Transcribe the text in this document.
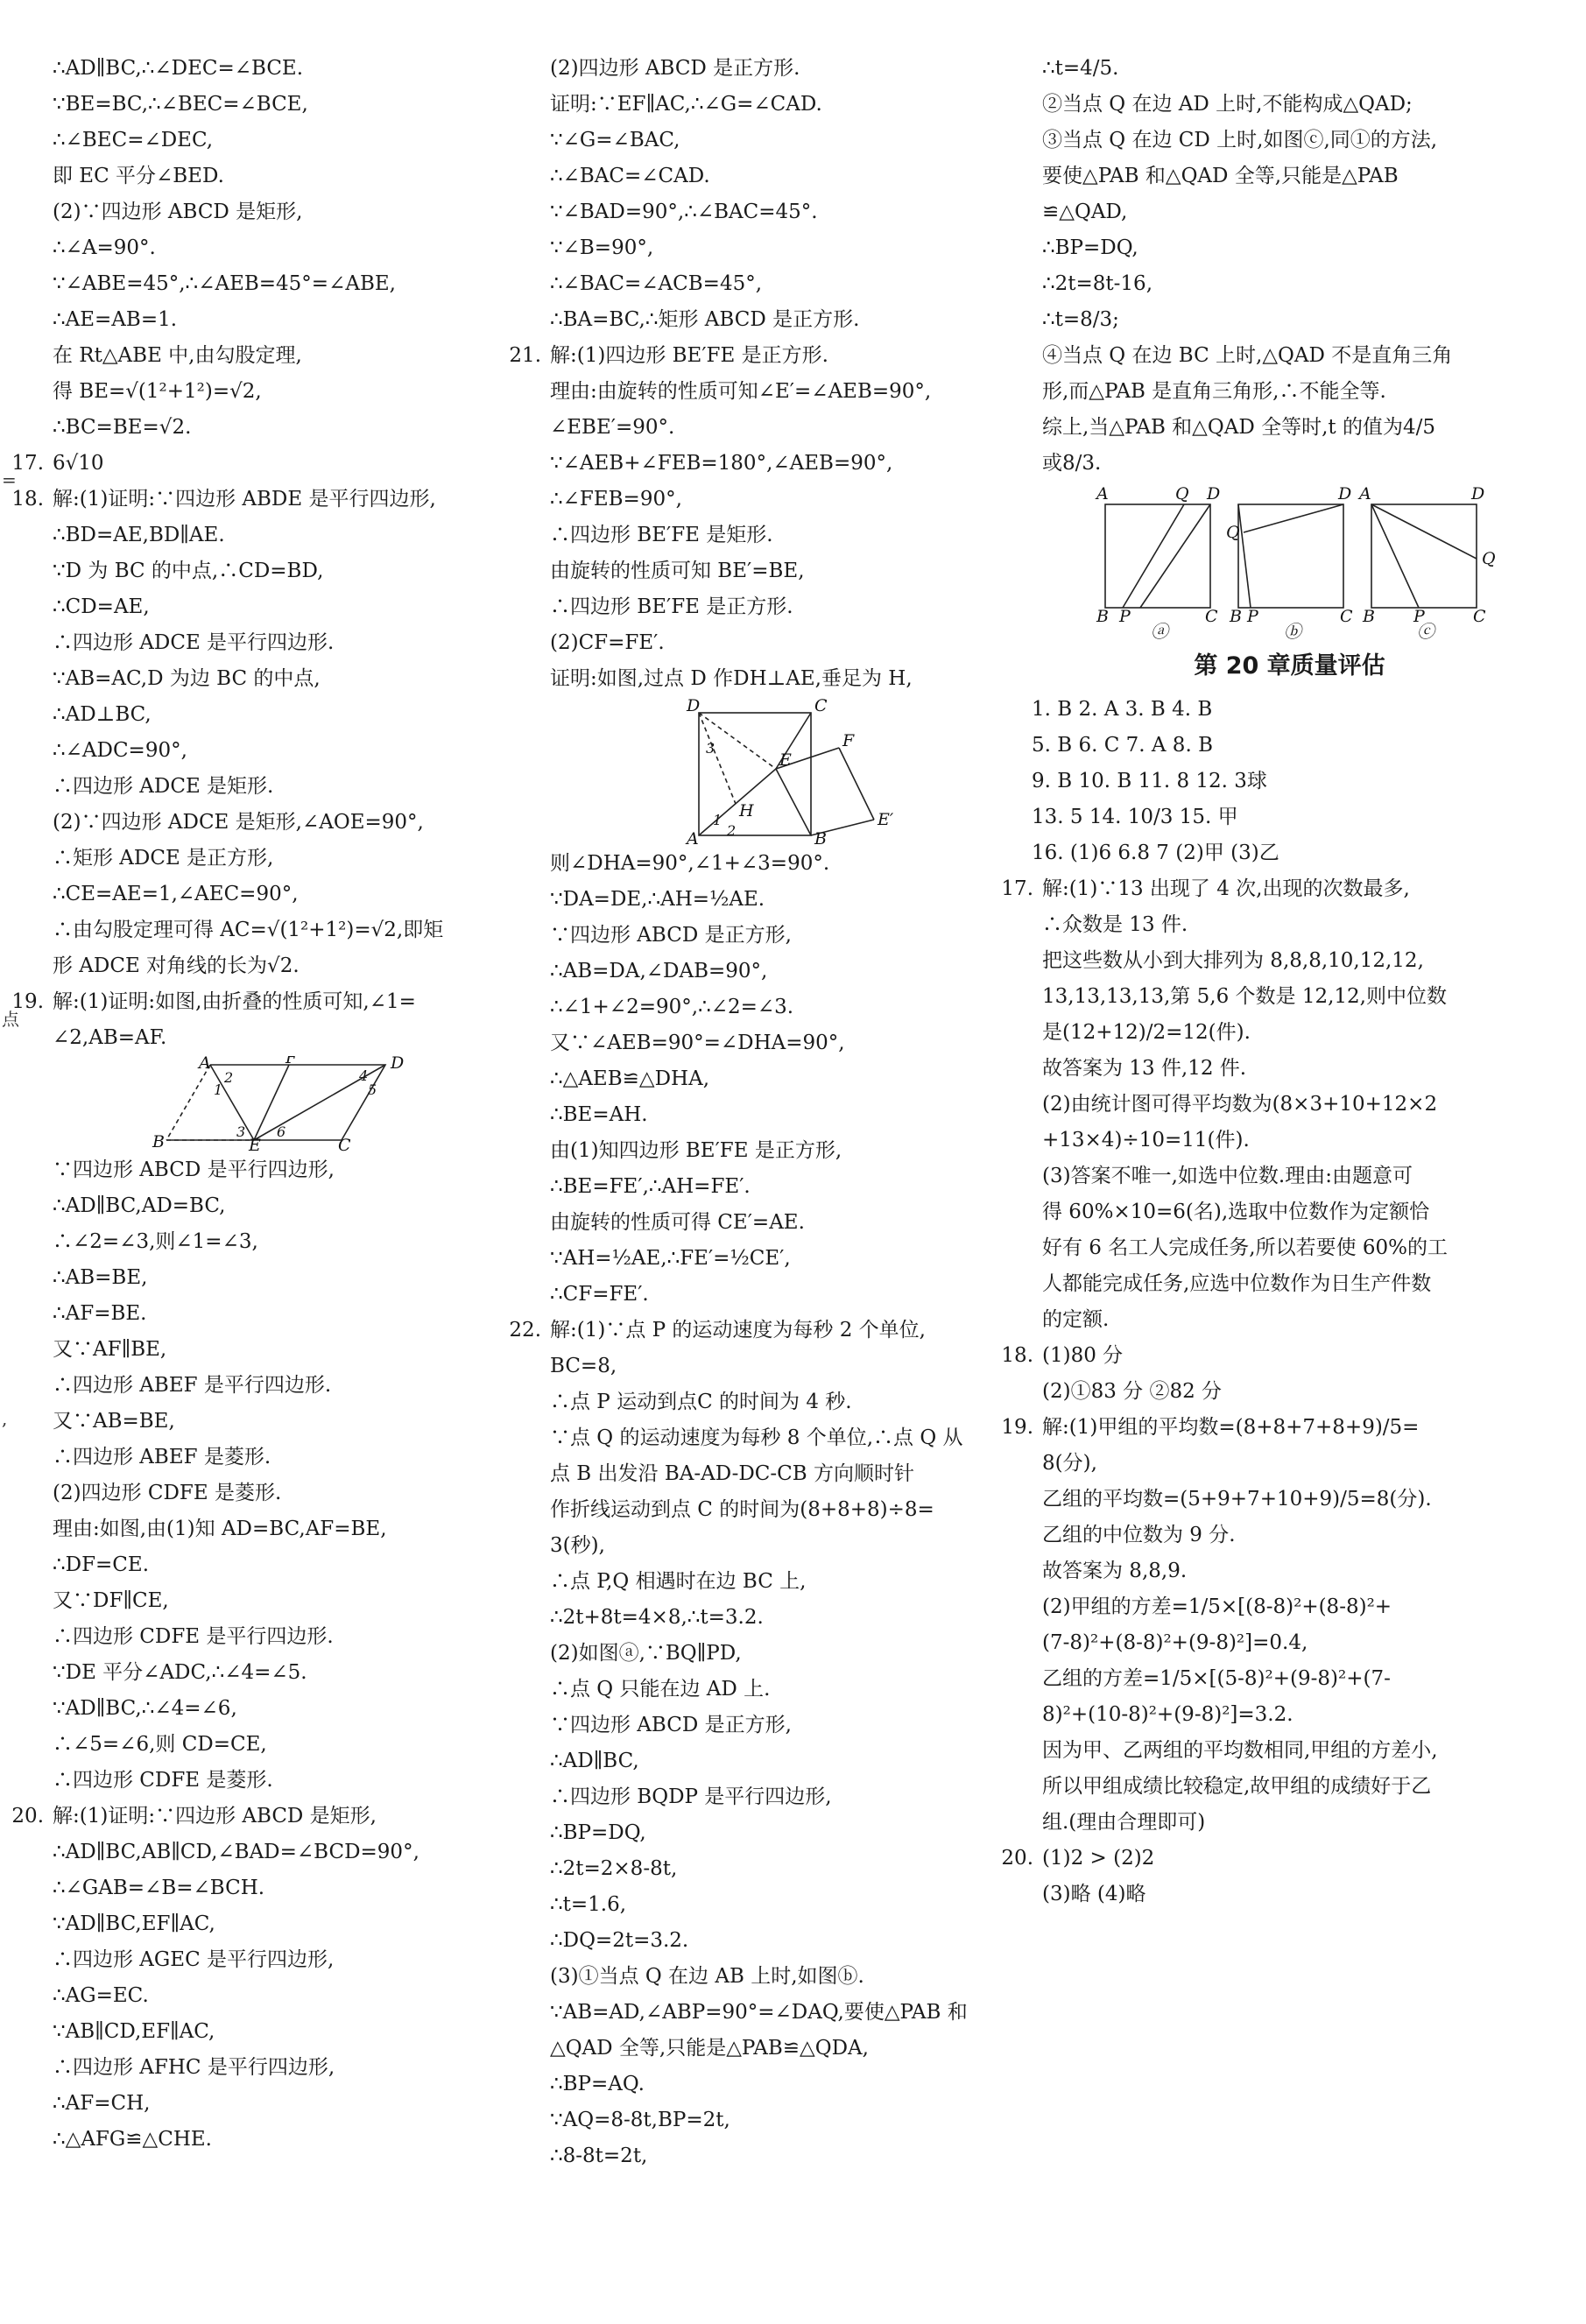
=
点
,
∴AD∥BC,∴∠DEC=∠BCE.
∵BE=BC,∴∠BEC=∠BCE,
∴∠BEC=∠DEC,
即 EC 平分∠BED.
(2)∵四边形 ABCD 是矩形,
∴∠A=90°.
∵∠ABE=45°,∴∠AEB=45°=∠ABE,
∴AE=AB=1.
在 Rt△ABE 中,由勾股定理,
得 BE=√(1²+1²)=√2,
∴BC=BE=√2.
17. 6√10
18. 解:(1)证明:∵四边形 ABDE 是平行四边形,
∴BD=AE,BD∥AE.
∵D 为 BC 的中点,∴CD=BD,
∴CD=AE,
∴四边形 ADCE 是平行四边形.
∵AB=AC,D 为边 BC 的中点,
∴AD⊥BC,
∴∠ADC=90°,
∴四边形 ADCE 是矩形.
(2)∵四边形 ADCE 是矩形,∠AOE=90°,
∴矩形 ADCE 是正方形,
∴CE=AE=1,∠AEC=90°,
∴由勾股定理可得 AC=√(1²+1²)=√2,即矩
形 ADCE 对角线的长为√2.
19. 解:(1)证明:如图,由折叠的性质可知,∠1=
∠2,AB=AF.
A	F	D
B	E	C
1
2
3
4
5
6
∵四边形 ABCD 是平行四边形,
∴AD∥BC,AD=BC,
∴∠2=∠3,则∠1=∠3,
∴AB=BE,
∴AF=BE.
又∵AF∥BE,
∴四边形 ABEF 是平行四边形.
又∵AB=BE,
∴四边形 ABEF 是菱形.
(2)四边形 CDFE 是菱形.
理由:如图,由(1)知 AD=BC,AF=BE,
∴DF=CE.
又∵DF∥CE,
∴四边形 CDFE 是平行四边形.
∵DE 平分∠ADC,∴∠4=∠5.
∵AD∥BC,∴∠4=∠6,
∴∠5=∠6,则 CD=CE,
∴四边形 CDFE 是菱形.
20. 解:(1)证明:∵四边形 ABCD 是矩形,
∴AD∥BC,AB∥CD,∠BAD=∠BCD=90°,
∴∠GAB=∠B=∠BCH.
∵AD∥BC,EF∥AC,
∴四边形 AGEC 是平行四边形,
∴AG=EC.
∵AB∥CD,EF∥AC,
∴四边形 AFHC 是平行四边形,
∴AF=CH,
∴△AFG≌△CHE.
(2)四边形 ABCD 是正方形.
证明:∵EF∥AC,∴∠G=∠CAD.
∵∠G=∠BAC,
∴∠BAC=∠CAD.
∵∠BAD=90°,∴∠BAC=45°.
∵∠B=90°,
∴∠BAC=∠ACB=45°,
∴BA=BC,∴矩形 ABCD 是正方形.
21. 解:(1)四边形 BE′FE 是正方形.
理由:由旋转的性质可知∠E′=∠AEB=90°,
∠EBE′=90°.
∵∠AEB+∠FEB=180°,∠AEB=90°,
∴∠FEB=90°,
∴四边形 BE′FE 是矩形.
由旋转的性质可知 BE′=BE,
∴四边形 BE′FE 是正方形.
(2)CF=FE′.
证明:如图,过点 D 作DH⊥AE,垂足为 H,
D	C
3
E
F
1
2
H
A	B
E′
则∠DHA=90°,∠1+∠3=90°.
∵DA=DE,∴AH=½AE.
∵四边形 ABCD 是正方形,
∴AB=DA,∠DAB=90°,
∴∠1+∠2=90°,∴∠2=∠3.
又∵∠AEB=90°=∠DHA=90°,
∴△AEB≌△DHA,
∴BE=AH.
由(1)知四边形 BE′FE 是正方形,
∴BE=FE′,∴AH=FE′.
由旋转的性质可得 CE′=AE.
∵AH=½AE,∴FE′=½CE′,
∴CF=FE′.
22. 解:(1)∵点 P 的运动速度为每秒 2 个单位,
BC=8,
∴点 P 运动到点C 的时间为 4 秒.
∵点 Q 的运动速度为每秒 8 个单位,∴点 Q 从
点 B 出发沿 BA-AD-DC-CB 方向顺时针
作折线运动到点 C 的时间为(8+8+8)÷8=
3(秒),
∴点 P,Q 相遇时在边 BC 上,
∴2t+8t=4×8,∴t=3.2.
(2)如图ⓐ,∵BQ∥PD,
∴点 Q 只能在边 AD 上.
∵四边形 ABCD 是正方形,
∴AD∥BC,
∴四边形 BQDP 是平行四边形,
∴BP=DQ,
∴2t=2×8-8t,
∴t=1.6,
∴DQ=2t=3.2.
(3)①当点 Q 在边 AB 上时,如图ⓑ.
∵AB=AD,∠ABP=90°=∠DAQ,要使△PAB 和
△QAD 全等,只能是△PAB≌△QDA,
∴BP=AQ.
∵AQ=8-8t,BP=2t,
∴8-8t=2t,
∴t=4/5.
②当点 Q 在边 AD 上时,不能构成△QAD;
③当点 Q 在边 CD 上时,如图ⓒ,同①的方法,
要使△PAB 和△QAD 全等,只能是△PAB
≌△QAD,
∴BP=DQ,
∴2t=8t-16,
∴t=8/3;
④当点 Q 在边 BC 上时,△QAD 不是直角三角
形,而△PAB 是直角三角形,∴不能全等.
综上,当△PAB 和△QAD 全等时,t 的值为4/5
或8/3.
A	Q D
B P	C
Q
D
B P	C
A	D
Q
B P	C
ⓐ	ⓑ	ⓒ
第 20 章质量评估
1. B 2. A 3. B 4. B
5. B 6. C 7. A 8. B
9. B 10. B 11. 8 12. 3球
13. 5 14. 10/3 15. 甲
16. (1)6 6.8 7 (2)甲 (3)乙
17. 解:(1)∵13 出现了 4 次,出现的次数最多,
∴众数是 13 件.
把这些数从小到大排列为 8,8,8,10,12,12,
13,13,13,13,第 5,6 个数是 12,12,则中位数
是(12+12)/2=12(件).
故答案为 13 件,12 件.
(2)由统计图可得平均数为(8×3+10+12×2
+13×4)÷10=11(件).
(3)答案不唯一,如选中位数.理由:由题意可
得 60%×10=6(名),选取中位数作为定额恰
好有 6 名工人完成任务,所以若要使 60%的工
人都能完成任务,应选中位数作为日生产件数
的定额.
18. (1)80 分
(2)①83 分 ②82 分
19. 解:(1)甲组的平均数=(8+8+7+8+9)/5=
8(分),
乙组的平均数=(5+9+7+10+9)/5=8(分).
乙组的中位数为 9 分.
故答案为 8,8,9.
(2)甲组的方差=1/5×[(8-8)²+(8-8)²+
(7-8)²+(8-8)²+(9-8)²]=0.4,
乙组的方差=1/5×[(5-8)²+(9-8)²+(7-
8)²+(10-8)²+(9-8)²]=3.2.
因为甲、乙两组的平均数相同,甲组的方差小,
所以甲组成绩比较稳定,故甲组的成绩好于乙
组.(理由合理即可)
20. (1)2 > (2)2
(3)略 (4)略
